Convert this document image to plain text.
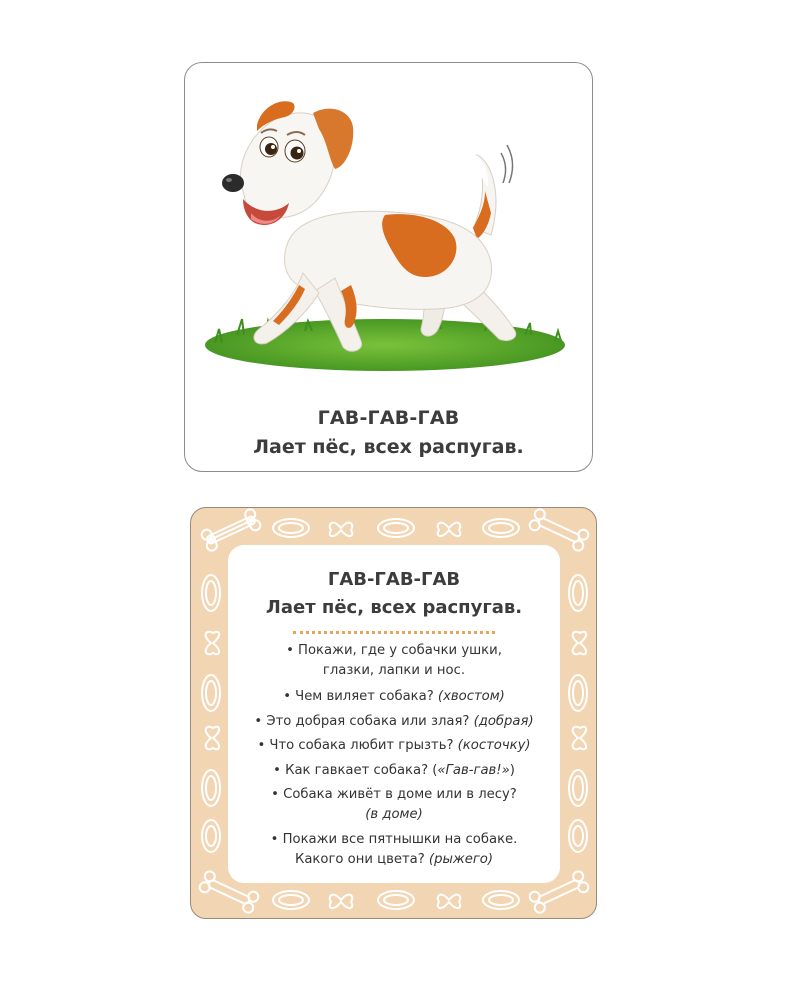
ГАВ-ГАВ-ГАВ
Лает пёс, всех распугав.
ГАВ-ГАВ-ГАВ
Лает пёс, всех распугав.
• Покажи, где у собачки ушки,
глазки, лапки и нос.
• Чем виляет собака? (хвостом)
• Это добрая собака или злая? (добрая)
• Что собака любит грызть? (косточку)
• Как гавкает собака? («Гав-гав!»)
• Собака живёт в доме или в лесу?
(в доме)
• Покажи все пятнышки на собаке.
Какого они цвета? (рыжего)
